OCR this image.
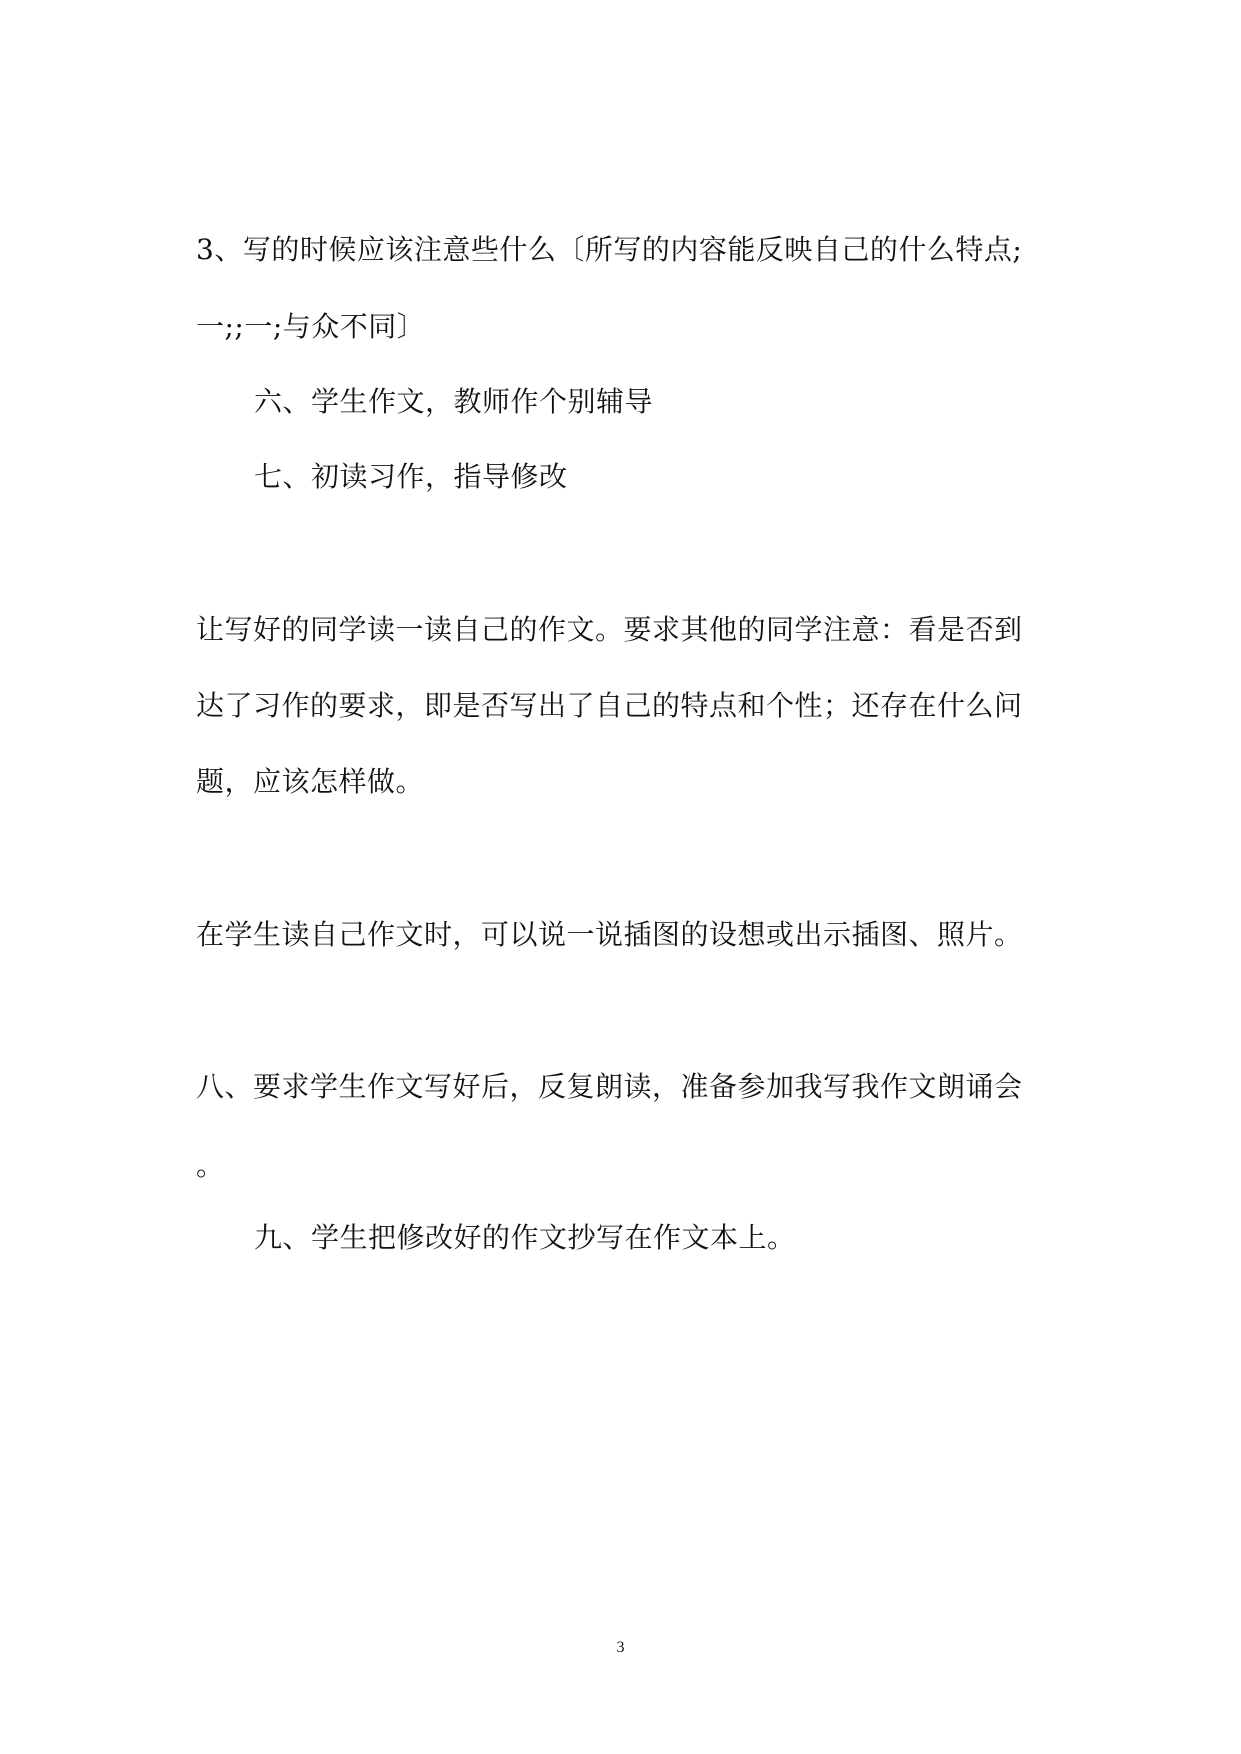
3、写的时候应该注意些什么〔所写的内容能反映自己的什么特点;

一;;一;与众不同〕

六、学生作文，教师作个别辅导

七、初读习作，指导修改

让写好的同学读一读自己的作文。要求其他的同学注意：看是否到

达了习作的要求，即是否写出了自己的特点和个性；还存在什么问

题，应该怎样做。

在学生读自己作文时，可以说一说插图的设想或出示插图、照片。

八、要求学生作文写好后，反复朗读，准备参加我写我作文朗诵会

。

九、学生把修改好的作文抄写在作文本上。

3
